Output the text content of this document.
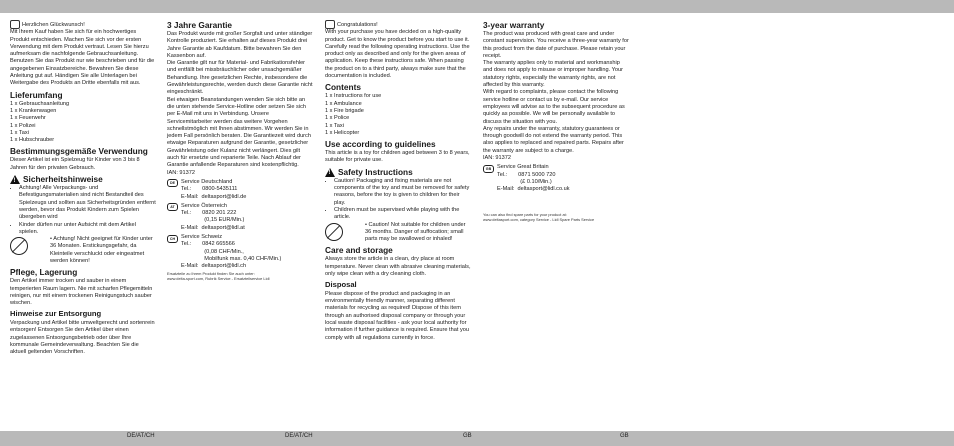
Herzlichen Glückwunsch!

Mit Ihrem Kauf haben Sie sich für ein hochwertiges Produkt entschieden. Machen Sie sich vor der ersten Verwendung mit dem Produkt vertraut. Lesen Sie hierzu aufmerksam die nachfolgende Gebrauchsanleitung. Benutzen Sie das Produkt nur wie beschrieben und für die angegebenen Einsatzbereiche. Bewahren Sie diese Anleitung gut auf. Händigen Sie alle Unterlagen bei Weitergabe des Produkts an Dritte ebenfalls mit aus.

Lieferumfang
1 x Gebrauchsanleitung
1 x Krankenwagen
1 x Feuerwehr
1 x Polizei
1 x Taxi
1 x Hubschrauber
Bestimmungsgemäße Verwendung

Dieser Artikel ist ein Spielzeug für Kinder von 3 bis 8 Jahren für den privaten Gebrauch.

!
Sicherheitshinweise
• Achtung! Alle Verpackungs- und Befestigungsmaterialien sind nicht Bestandteil des Spielzeugs und sollten aus Sicherheitsgründen entfernt werden, bevor das Produkt Kindern zum Spielen übergeben wird
• Kinder dürfen nur unter Aufsicht mit dem Artikel spielen.
• Achtung! Nicht geeignet für Kinder unter 36 Monaten. Erstickungsgefahr, da Kleinteile verschluckt oder eingeatmet werden können!
Pflege, Lagerung

Den Artikel immer trocken und sauber in einem temperierten Raum lagern. Nie mit scharfen Pflegemitteln reinigen, nur mit einem trockenen Reinigungstuch sauber wischen.

Hinweise zur Entsorgung

Verpackung und Artikel bitte umweltgerecht und sortenrein entsorgen! Entsorgen Sie den Artikel über einen zugelassenen Entsorgungsbetrieb oder über Ihre kommunale Gemeindeverwaltung. Beachten Sie die aktuell geltenden Vorschriften.

3 Jahre Garantie

Das Produkt wurde mit großer Sorgfalt und unter ständiger Kontrolle produziert. Sie erhalten auf dieses Produkt drei Jahre Garantie ab Kaufdatum. Bitte bewahren Sie den Kassenbon auf.

Die Garantie gilt nur für Material- und Fabrikationsfehler und entfällt bei missbräuchlicher oder unsachgemäßer Behandlung. Ihre gesetzlichen Rechte, insbesondere die Gewährleistungsrechte, werden durch diese Garantie nicht eingeschränkt.

Bei etwaigen Beanstandungen wenden Sie sich bitte an die unten stehende Service-Hotline oder setzen Sie sich per E-Mail mit uns in Verbindung. Unsere Servicemitarbeiter werden das weitere Vorgehen schnellstmöglich mit Ihnen abstimmen. Wir werden Sie in jedem Fall persönlich beraten. Die Garantiezeit wird durch etwaige Reparaturen aufgrund der Garantie, gesetzlicher Gewährleistung oder Kulanz nicht verlängert. Dies gilt auch für ersetzte und reparierte Teile. Nach Ablauf der Garantie anfallende Reparaturen sind kostenpflichtig.

IAN: 91372

DE	Service Deutschland
Tel.:       0800-5435111
E-Mail:  deltasport@lidl.de
AT	Service Österreich
Tel.:       0820 201 222
(0,15 EUR/Min.)
E-Mail:  deltasport@lidl.at
CH	Service Schweiz
Tel.:       0842 665566
(0,08 CHF/Min.,
Mobilfunk max. 0,40 CHF/Min.)
E-Mail:  deltasport@lidl.ch

Ersatzteile zu Ihrem Produkt finden Sie auch unter:
www.delta-sport.com, Rubrik Service - Ersatzteilservice Lidl

Congratulations!

With your purchase you have decided on a high-quality product. Get to know the product before you start to use it. Carefully read the following operating instructions. Use the product only as described and only for the given areas of application. Keep these instructions safe. When passing the product on to a third party, always make sure that the documentation is included.

Contents
1 x Instructions for use
1 x Ambulance
1 x Fire brigade
1 x Police
1 x Taxi
1 x Helicopter
Use according to guidelines

This article is a toy for children aged between 3 to 8 years, suitable for private use.

!
Safety Instructions
• Caution! Packaging and fixing materials are not components of the toy and must be removed for safety reasons, before the toy is given to children for their play.
• Children must be supervised while playing with the article.
• Caution! Not suitable for children under 36 months. Danger of suffocation; small parts may be swallowed or inhaled!
Care and storage

Always store the article in a clean, dry place at room temperature. Never clean with abrasive cleaning materials, only wipe clean with a dry cleaning cloth.

Disposal

Please dispose of the product and packaging in an environmentally friendly manner, separating different materials for recycling as required! Dispose of this item through an authorised disposal company or through your local waste disposal facilities - ask your local authority for information if further guidance is required. Ensure that you comply with all regulations currently in force.

3-year warranty

The product was produced with great care and under constant supervision. You receive a three-year warranty for this product from the date of purchase. Please retain your receipt.

The warranty applies only to material and workmanship and does not apply to misuse or improper handling. Your statutory rights, especially the warranty rights, are not affected by this warranty.

With regard to complaints, please contact the following service hotline or contact us by e-mail. Our service employees will advise as to the subsequent procedure as quickly as possible. We will be personally available to discuss the situation with you.

Any repairs under the warranty, statutory guarantees or through goodwill do not extend the warranty period. This also applies to replaced and repaired parts. Repairs after the warranty are subject to a charge.

IAN: 91372

GB	Service Great Britain
Tel.:       0871 5000 720
(£ 0.10/Min.)
E-Mail:  deltasport@lidl.co.uk

You can also find spare parts for your product at:
www.deltasport.com, category Service - Lidl Spare Parts Service

DE/AT/CH	DE/AT/CH	GB	GB
